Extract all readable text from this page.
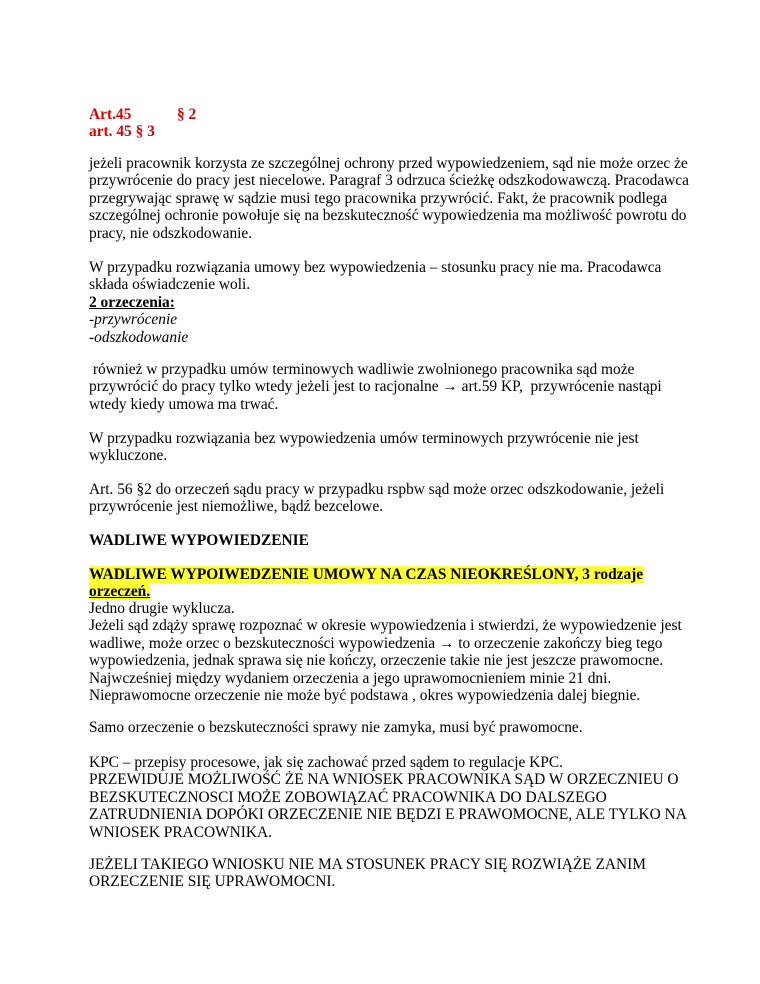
Art.45	§ 2
art. 45 § 3
jeżeli pracownik korzysta ze szczególnej ochrony przed wypowiedzeniem, sąd nie może orzec że
przywrócenie do pracy jest niecelowe. Paragraf 3 odrzuca ścieżkę odszkodowawczą. Pracodawca
przegrywając sprawę w sądzie musi tego pracownika przywrócić. Fakt, że pracownik podlega
szczególnej ochronie powołuje się na bezskuteczność wypowiedzenia ma możliwość powrotu do
pracy, nie odszkodowanie.
W przypadku rozwiązania umowy bez wypowiedzenia – stosunku pracy nie ma. Pracodawca
składa oświadczenie woli.
2 orzeczenia:
-przywrócenie
-odszkodowanie
również w przypadku umów terminowych wadliwie zwolnionego pracownika sąd może
przywrócić do pracy tylko wtedy jeżeli jest to racjonalne → art.59 KP,  przywrócenie nastąpi
wtedy kiedy umowa ma trwać.
W przypadku rozwiązania bez wypowiedzenia umów terminowych przywrócenie nie jest
wykluczone.
Art. 56 §2 do orzeczeń sądu pracy w przypadku rspbw sąd może orzec odszkodowanie, jeżeli
przywrócenie jest niemożliwe, bądź bezcelowe.
WADLIWE WYPOWIEDZENIE
WADLIWE WYPOIWEDZENIE UMOWY NA CZAS NIEOKREŚLONY, 3 rodzaje
orzeczeń.
Jedno drugie wyklucza.
Jeżeli sąd zdąży sprawę rozpoznać w okresie wypowiedzenia i stwierdzi, że wypowiedzenie jest
wadliwe, może orzec o bezskuteczności wypowiedzenia → to orzeczenie zakończy bieg tego
wypowiedzenia, jednak sprawa się nie kończy, orzeczenie takie nie jest jeszcze prawomocne.
Najwcześniej między wydaniem orzeczenia a jego uprawomocnieniem minie 21 dni.
Nieprawomocne orzeczenie nie może być podstawa , okres wypowiedzenia dalej biegnie.
Samo orzeczenie o bezskuteczności sprawy nie zamyka, musi być prawomocne.
KPC – przepisy procesowe, jak się zachować przed sądem to regulacje KPC.
PRZEWIDUJE MOŻLIWOŚĆ ŻE NA WNIOSEK PRACOWNIKA SĄD W ORZECZNIEU O
BEZSKUTECZNOSCI MOŻE ZOBOWIĄZAĆ PRACOWNIKA DO DALSZEGO
ZATRUDNIENIA DOPÓKI ORZECZENIE NIE BĘDZI E PRAWOMOCNE, ALE TYLKO NA
WNIOSEK PRACOWNIKA.
JEŻELI TAKIEGO WNIOSKU NIE MA STOSUNEK PRACY SIĘ ROZWIĄŻE ZANIM
ORZECZENIE SIĘ UPRAWOMOCNI.
